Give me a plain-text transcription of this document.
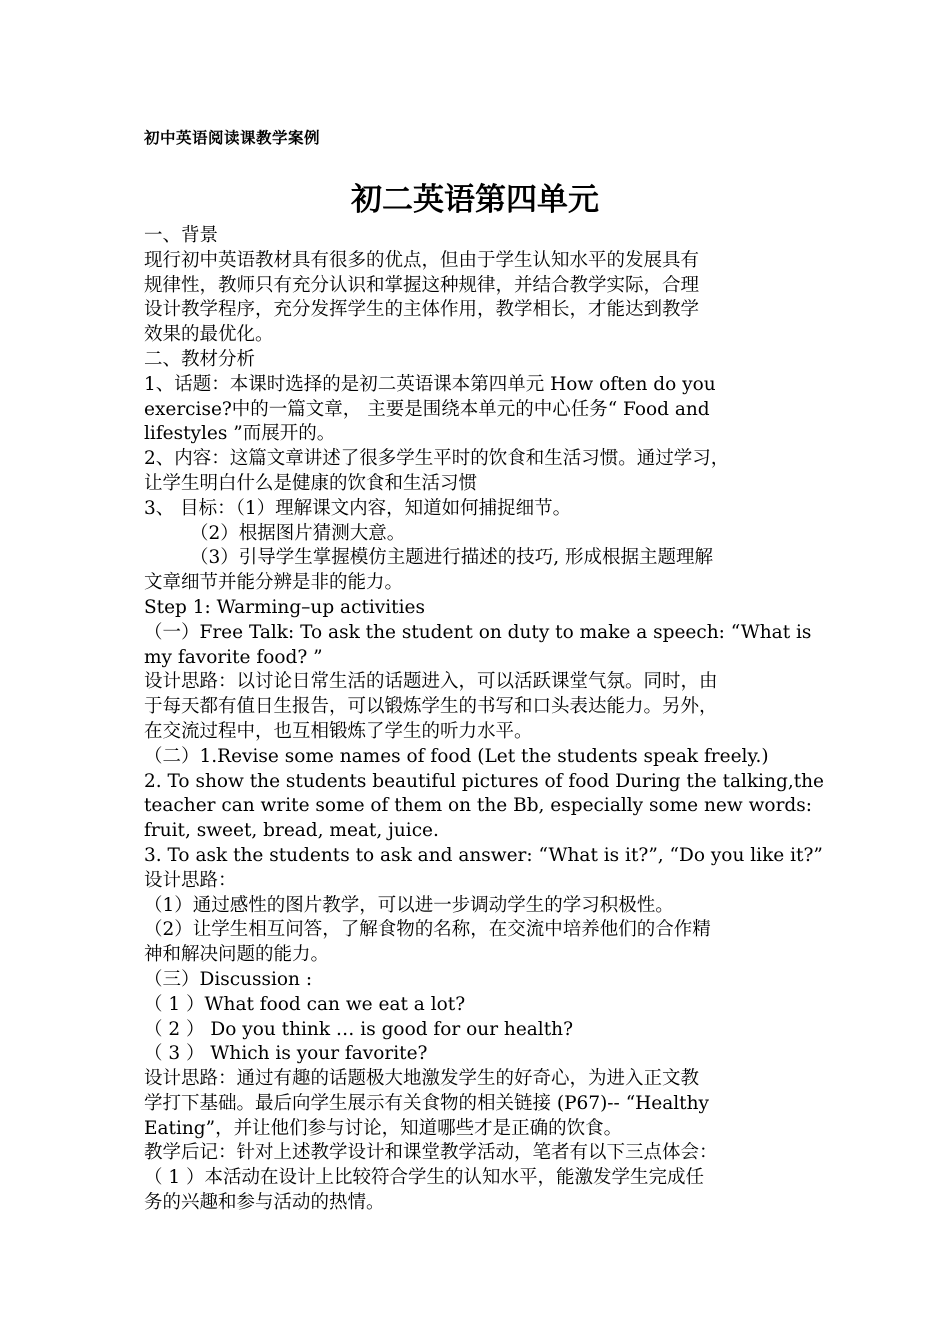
初中英语阅读课教学案例
初二英语第四单元
一、背景
现行初中英语教材具有很多的优点，但由于学生认知水平的发展具有
规律性，教师只有充分认识和掌握这种规律，并结合教学实际，合理
设计教学程序，充分发挥学生的主体作用，教学相长，才能达到教学
效果的最优化。
二、教材分析
1、话题：本课时选择的是初二英语课本第四单元 How often do you
exercise?中的一篇文章， 主要是围绕本单元的中心任务“ Food and
lifestyles ”而展开的。
2、内容：这篇文章讲述了很多学生平时的饮食和生活习惯。通过学习，
让学生明白什么是健康的饮食和生活习惯
3、 目标：（1）理解课文内容，知道如何捕捉细节。
（2）根据图片猜测大意。
（3）引导学生掌握模仿主题进行描述的技巧, 形成根据主题理解
文章细节并能分辨是非的能力。
Step 1: Warming–up activities
（一）Free Talk: To ask the student on duty to make a speech: “What is
my favorite food? ”
设计思路：以讨论日常生活的话题进入，可以活跃课堂气氛。同时，由
于每天都有值日生报告，可以锻炼学生的书写和口头表达能力。另外，
在交流过程中，也互相锻炼了学生的听力水平。
（二）1.Revise some names of food (Let the students speak freely.)
2. To show the students beautiful pictures of food During the talking,the
teacher can write some of them on the Bb, especially some new words:
fruit, sweet, bread, meat, juice.
3. To ask the students to ask and answer: “What is it?”, “Do you like it?”
设计思路：
（1）通过感性的图片教学，可以进一步调动学生的学习积极性。
（2）让学生相互问答，了解食物的名称，在交流中培养他们的合作精
神和解决问题的能力。
（三）Discussion :
（ 1 ）What food can we eat a lot?
（ 2 ） Do you think … is good for our health?
（ 3 ） Which is your favorite?
设计思路：通过有趣的话题极大地激发学生的好奇心，为进入正文教
学打下基础。最后向学生展示有关食物的相关链接 (P67)-- “Healthy
Eating”，并让他们参与讨论，知道哪些才是正确的饮食。
教学后记：针对上述教学设计和课堂教学活动，笔者有以下三点体会：
（ 1 ）本活动在设计上比较符合学生的认知水平，能激发学生完成任
务的兴趣和参与活动的热情。
